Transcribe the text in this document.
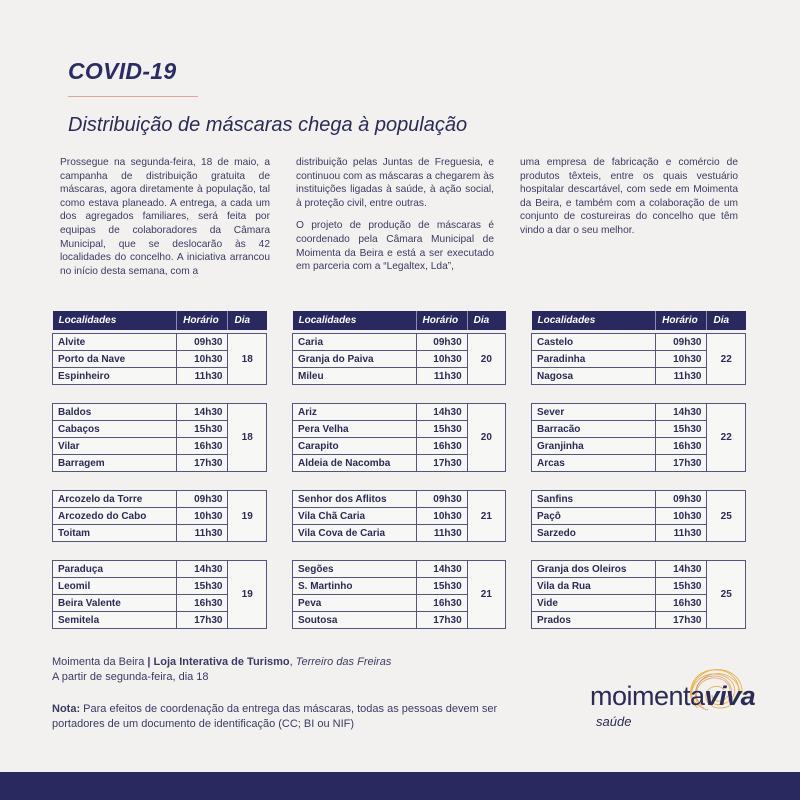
COVID-19
Distribuição de máscaras chega à população

Prossegue na segunda-feira, 18 de maio, a campanha de distribuição gratuita de máscaras, agora diretamente à população, tal como estava planeado. A entrega, a cada um dos agregados familiares, será feita por equipas de colaboradores da Câmara Municipal, que se deslocarão às 42 localidades do concelho. A iniciativa arrancou no início desta semana, com a

distribuição pelas Juntas de Freguesia, e continuou com as máscaras a chegarem às instituições ligadas à saúde, à ação social, à proteção civil, entre outras.

O projeto de produção de máscaras é coordenado pela Câmara Municipal de Moimenta da Beira e está a ser executado em parceria com a “Legaltex, Lda”,

uma empresa de fabricação e comércio de produtos têxteis, entre os quais vestuário hospitalar descartável, com sede em Moimenta da Beira, e também com a colaboração de um conjunto de costureiras do concelho que têm vindo a dar o seu melhor.

Localidades	Horário	Dia

Alvite	09h30	18
Porto da Nave	10h30	
Espinheiro	11h30	

Baldos	14h30	18
Cabaços	15h30	
Vilar	16h30	
Barragem	17h30	

Arcozelo da Torre	09h30	19
Arcozedo do Cabo	10h30	
Toitam	11h30	

Paraduça	14h30	19
Leomil	15h30	
Beira Valente	16h30	
Semitela	17h30	
Localidades	Horário	Dia

Caria	09h30	20
Granja do Paiva	10h30	
Mileu	11h30	

Ariz	14h30	20
Pera Velha	15h30	
Carapito	16h30	
Aldeia de Nacomba	17h30	

Senhor dos Aflitos	09h30	21
Vila Chã Caria	10h30	
Vila Cova de Caria	11h30	

Segões	14h30	21
S. Martinho	15h30	
Peva	16h30	
Soutosa	17h30	
Localidades	Horário	Dia

Castelo	09h30	22
Paradinha	10h30	
Nagosa	11h30	

Sever	14h30	22
Barracão	15h30	
Granjinha	16h30	
Arcas	17h30	

Sanfins	09h30	25
Paçô	10h30	
Sarzedo	11h30	

Granja dos Oleiros	14h30	25
Vila da Rua	15h30	
Vide	16h30	
Prados	17h30	
Moimenta da Beira | Loja Interativa de Turismo, Terreiro das Freiras
A partir de segunda-feira, dia 18
Nota: Para efeitos de coordenação da entrega das máscaras, todas as pessoas devem ser portadores de um documento de identificação (CC; BI ou NIF)
moimentaviva
saúde
